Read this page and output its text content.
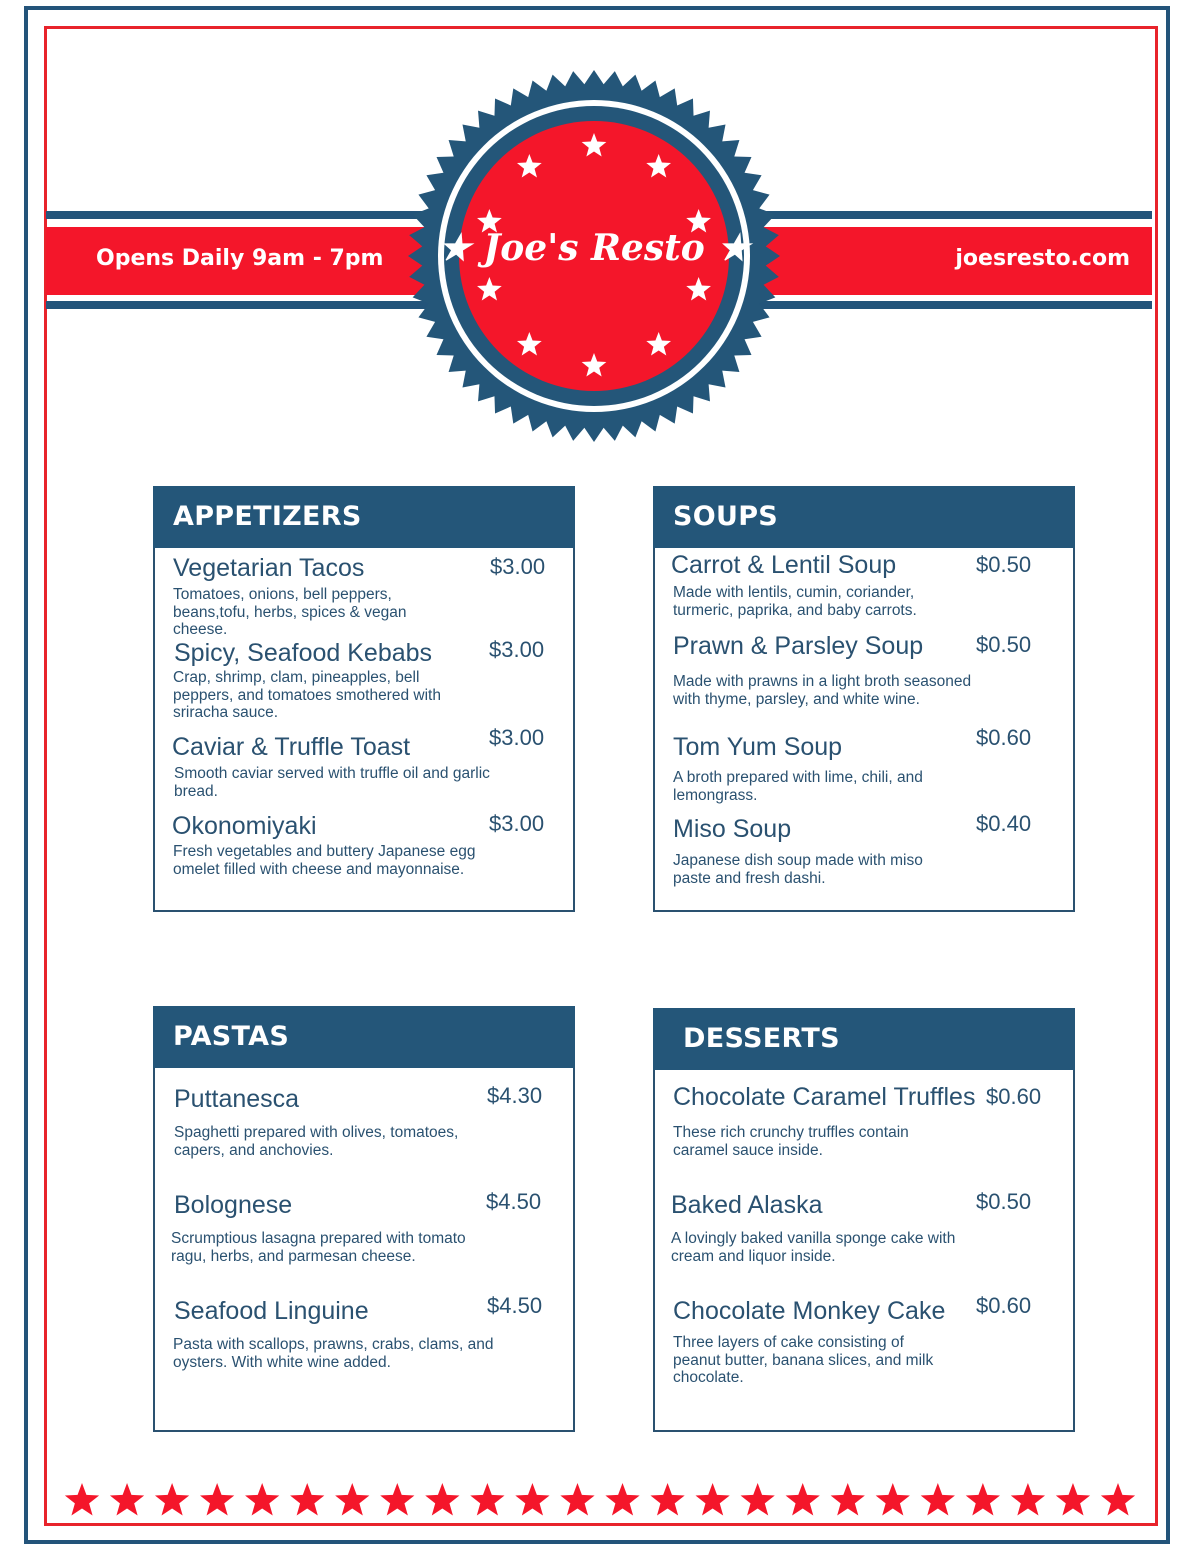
Opens Daily 9am - 7pm	joesresto.com
★ Joe's Resto ★
APPETIZERS
Vegetarian Tacos	$3.00
Tomatoes, onions, bell peppers, beans,tofu, herbs, spices & vegan cheese.
Spicy, Seafood Kebabs	$3.00
Crap, shrimp, clam, pineapples, bell peppers, and tomatoes smothered with sriracha sauce.
Caviar & Truffle Toast	$3.00
Smooth caviar served with truffle oil and garlic bread.
Okonomiyaki	$3.00
Fresh vegetables and buttery Japanese egg omelet filled with cheese and mayonnaise.
SOUPS
Carrot & Lentil Soup	$0.50
Made with lentils, cumin, coriander, turmeric, paprika, and baby carrots.
Prawn & Parsley Soup $0.50
Made with prawns in a light broth seasoned with thyme, parsley, and white wine.
Tom Yum Soup	$0.60
A broth prepared with lime, chili, and lemongrass.
Miso Soup	$0.40
Japanese dish soup made with miso paste and fresh dashi.
PASTAS
Puttanesca	$4.30
Spaghetti prepared with olives, tomatoes, capers, and anchovies.
Bolognese	$4.50
Scrumptious lasagna prepared with tomato ragu, herbs, and parmesan cheese.
Seafood Linguine	$4.50
Pasta with scallops, prawns, crabs, clams, and oysters. With white wine added.
DESSERTS
Chocolate Caramel Truffles $0.60
These rich crunchy truffles contain caramel sauce inside.
Baked Alaska	$0.50
A lovingly baked vanilla sponge cake with cream and liquor inside.
Chocolate Monkey Cake $0.60
Three layers of cake consisting of peanut butter, banana slices, and milk chocolate.
